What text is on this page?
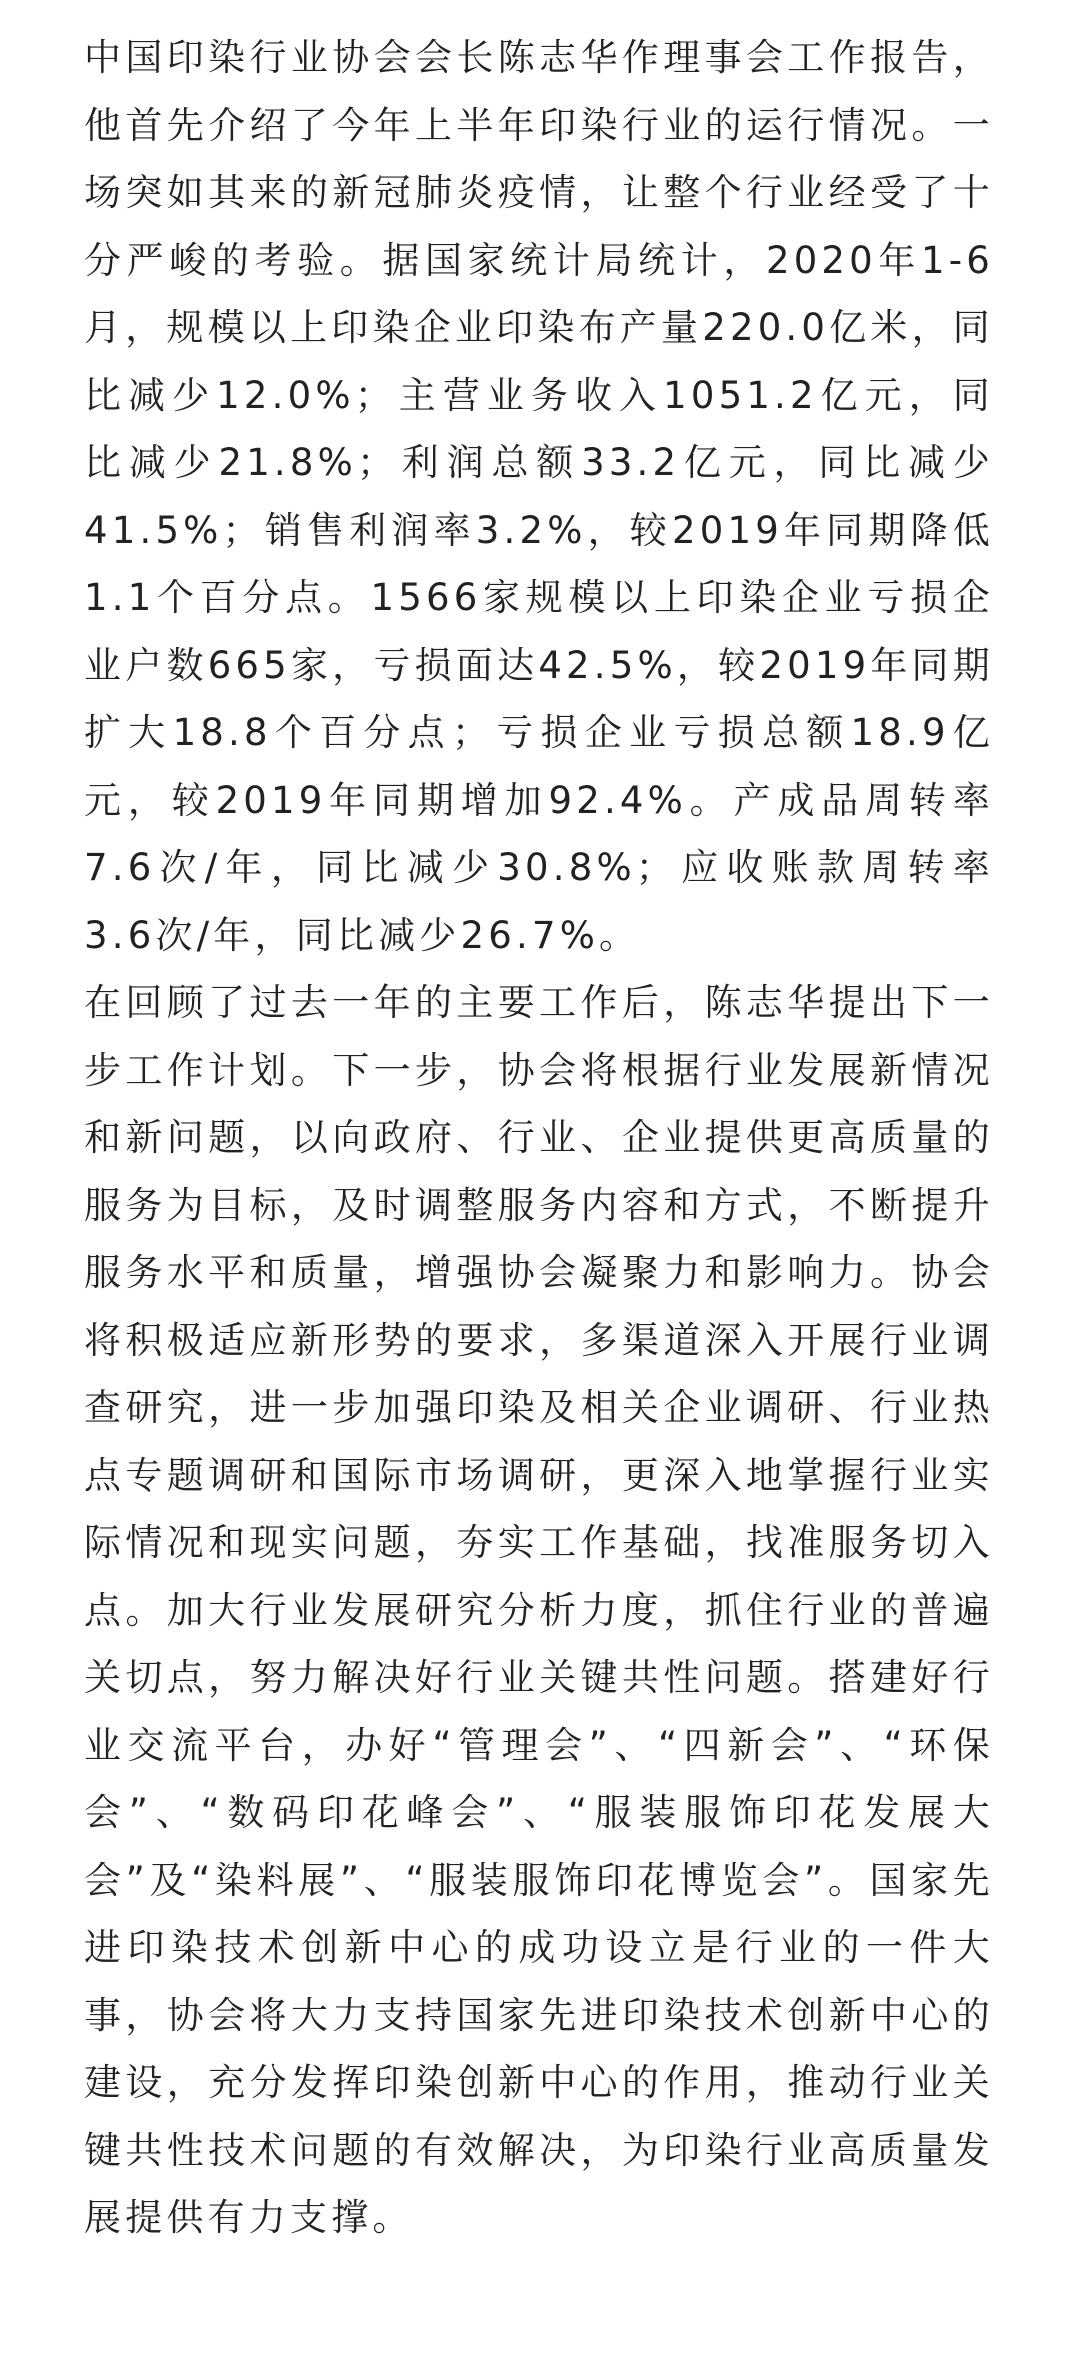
中国印染行业协会会长陈志华作理事会工作报告，他首先介绍了今年上半年印染行业的运行情况。一场突如其来的新冠肺炎疫情，让整个行业经受了十分严峻的考验。据国家统计局统计，2020年1-6月，规模以上印染企业印染布产量220.0亿米，同比减少12.0%；主营业务收入1051.2亿元，同比减少21.8%；利润总额33.2亿元，同比减少41.5%；销售利润率3.2%，较2019年同期降低1.1个百分点。1566家规模以上印染企业亏损企业户数665家，亏损面达42.5%，较2019年同期扩大18.8个百分点；亏损企业亏损总额18.9亿元，较2019年同期增加92.4%。产成品周转率7.6次/年，同比减少30.8%；应收账款周转率3.6次/年，同比减少26.7%。

在回顾了过去一年的主要工作后，陈志华提出下一步工作计划。下一步，协会将根据行业发展新情况和新问题，以向政府、行业、企业提供更高质量的服务为目标，及时调整服务内容和方式，不断提升服务水平和质量，增强协会凝聚力和影响力。协会将积极适应新形势的要求，多渠道深入开展行业调查研究，进一步加强印染及相关企业调研、行业热点专题调研和国际市场调研，更深入地掌握行业实际情况和现实问题，夯实工作基础，找准服务切入点。加大行业发展研究分析力度，抓住行业的普遍关切点，努力解决好行业关键共性问题。搭建好行业交流平台，办好“管理会”、“四新会”、“环保会”、“数码印花峰会”、“服装服饰印花发展大会”及“染料展”、“服装服饰印花博览会”。国家先进印染技术创新中心的成功设立是行业的一件大事，协会将大力支持国家先进印染技术创新中心的建设，充分发挥印染创新中心的作用，推动行业关键共性技术问题的有效解决，为印染行业高质量发展提供有力支撑。
